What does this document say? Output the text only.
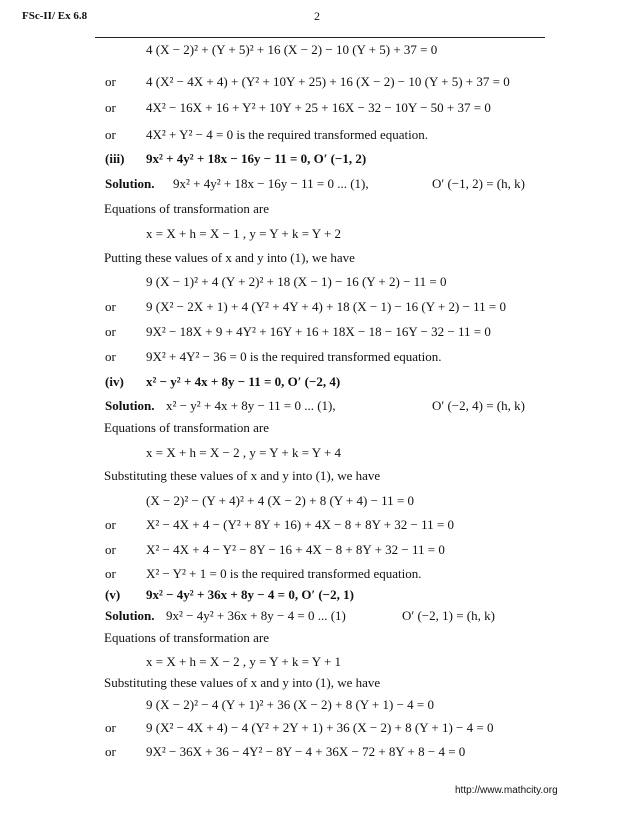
FSc-II/ Ex 6.8	2
4 (X − 2)² + (Y + 5)² + 16 (X − 2) − 10 (Y + 5) + 37 = 0
or 4 (X² − 4X + 4) + (Y² + 10Y + 25) + 16 (X − 2) − 10 (Y + 5) + 37 = 0
or 4X² − 16X + 16 + Y² + 10Y + 25 + 16X − 32 − 10Y − 50 + 37 = 0
or 4X² + Y² − 4 = 0 is the required transformed equation.
(iii) 9x² + 4y² + 18x − 16y − 11 = 0, O′ (−1, 2)
Solution. 9x² + 4y² + 18x − 16y − 11 = 0 ... (1),	O′ (−1, 2) = (h, k)
Equations of transformation are
x = X + h = X − 1 , y = Y + k = Y + 2
Putting these values of x and y into (1), we have
9 (X − 1)² + 4 (Y + 2)² + 18 (X − 1) − 16 (Y + 2) − 11 = 0
or 9 (X² − 2X + 1) + 4 (Y² + 4Y + 4) + 18 (X − 1) − 16 (Y + 2) − 11 = 0
or 9X² − 18X + 9 + 4Y² + 16Y + 16 + 18X − 18 − 16Y − 32 − 11 = 0
or 9X² + 4Y² − 36 = 0 is the required transformed equation.
(iv) x² − y² + 4x + 8y − 11 = 0, O′ (−2, 4)
Solution. x² − y² + 4x + 8y − 11 = 0 ... (1),	O′ (−2, 4) = (h, k)
Equations of transformation are
x = X + h = X − 2 , y = Y + k = Y + 4
Substituting these values of x and y into (1), we have
(X − 2)² − (Y + 4)² + 4 (X − 2) + 8 (Y + 4) − 11 = 0
or X² − 4X + 4 − (Y² + 8Y + 16) + 4X − 8 + 8Y + 32 − 11 = 0
or X² − 4X + 4 − Y² − 8Y − 16 + 4X − 8 + 8Y + 32 − 11 = 0
or X² − Y² + 1 = 0 is the required transformed equation.
(v) 9x² − 4y² + 36x + 8y − 4 = 0, O′ (−2, 1)
Solution. 9x² − 4y² + 36x + 8y − 4 = 0 ... (1)	O′ (−2, 1) = (h, k)
Equations of transformation are
x = X + h = X − 2 , y = Y + k = Y + 1
Substituting these values of x and y into (1), we have
9 (X − 2)² − 4 (Y + 1)² + 36 (X − 2) + 8 (Y + 1) − 4 = 0
or 9 (X² − 4X + 4) − 4 (Y² + 2Y + 1) + 36 (X − 2) + 8 (Y + 1) − 4 = 0
or 9X² − 36X + 36 − 4Y² − 8Y − 4 + 36X − 72 + 8Y + 8 − 4 = 0
http://www.mathcity.org
